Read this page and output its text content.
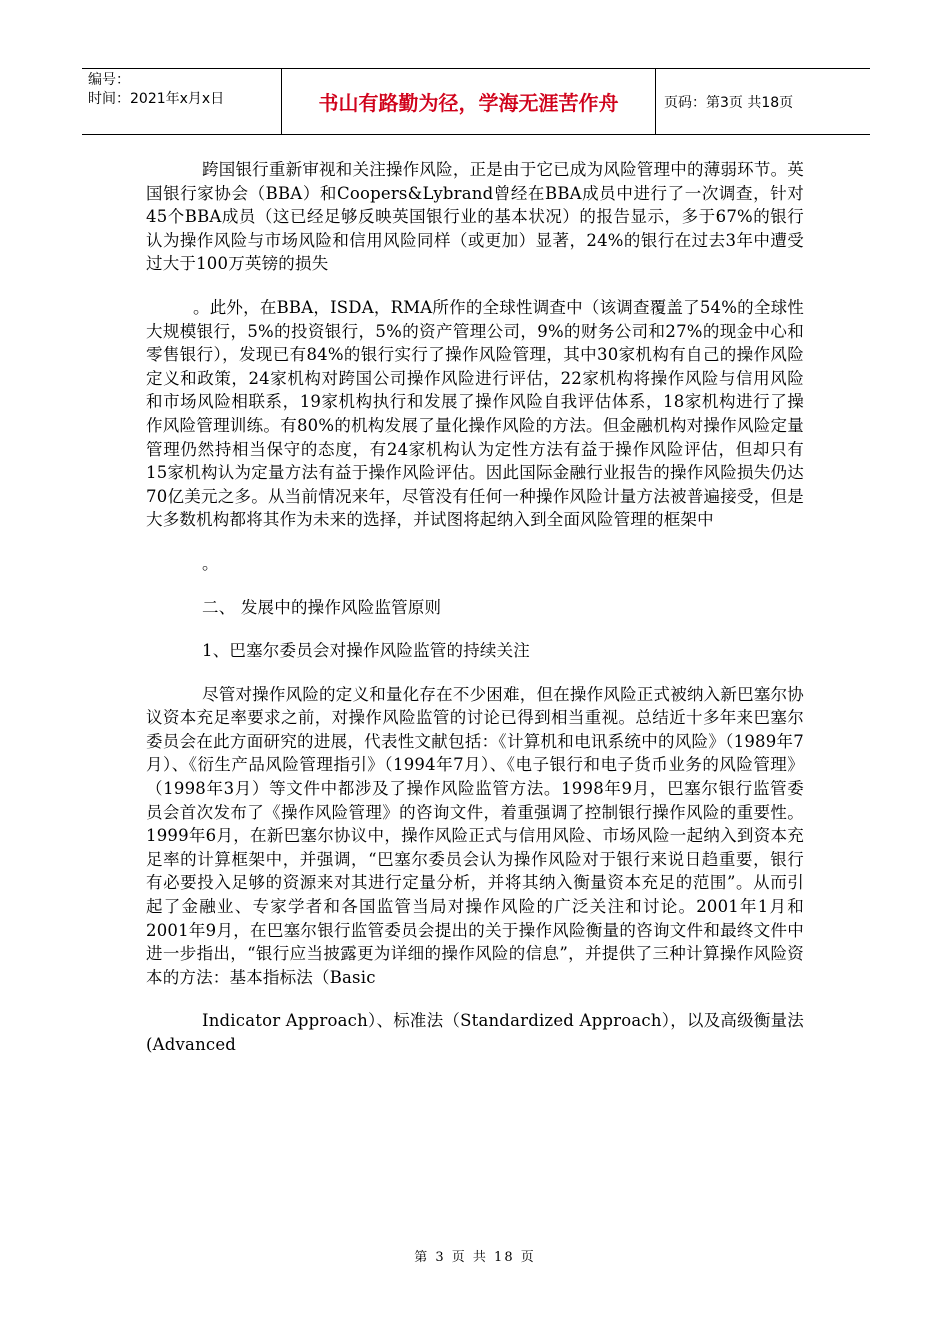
编号：
时间：2021年x月x日	书山有路勤为径，学海无涯苦作舟	页码：第3页 共18页

跨国银行重新审视和关注操作风险，正是由于它已成为风险管理中的薄弱环节。英国银行家协会（BBA）和Coopers&Lybrand曾经在BBA成员中进行了一次调查，针对45个BBA成员（这已经足够反映英国银行业的基本状况）的报告显示，多于67%的银行认为操作风险与市场风险和信用风险同样（或更加）显著，24%的银行在过去3年中遭受过大于100万英镑的损失

。此外，在BBA，ISDA，RMA所作的全球性调查中（该调查覆盖了54%的全球性大规模银行，5%的投资银行，5%的资产管理公司，9%的财务公司和27%的现金中心和零售银行），发现已有84%的银行实行了操作风险管理，其中30家机构有自己的操作风险定义和政策，24家机构对跨国公司操作风险进行评估，22家机构将操作风险与信用风险和市场风险相联系，19家机构执行和发展了操作风险自我评估体系，18家机构进行了操作风险管理训练。有80%的机构发展了量化操作风险的方法。但金融机构对操作风险定量管理仍然持相当保守的态度，有24家机构认为定性方法有益于操作风险评估，但却只有15家机构认为定量方法有益于操作风险评估。因此国际金融行业报告的操作风险损失仍达70亿美元之多。从当前情况来年，尽管没有任何一种操作风险计量方法被普遍接受，但是大多数机构都将其作为未来的选择，并试图将起纳入到全面风险管理的框架中

。

二、 发展中的操作风险监管原则

1、巴塞尔委员会对操作风险监管的持续关注

尽管对操作风险的定义和量化存在不少困难，但在操作风险正式被纳入新巴塞尔协议资本充足率要求之前，对操作风险监管的讨论已得到相当重视。总结近十多年来巴塞尔委员会在此方面研究的进展，代表性文献包括：《计算机和电讯系统中的风险》（1989年7月）、《衍生产品风险管理指引》（1994年7月）、《电子银行和电子货币业务的风险管理》（1998年3月）等文件中都涉及了操作风险监管方法。1998年9月，巴塞尔银行监管委员会首次发布了《操作风险管理》的咨询文件，着重强调了控制银行操作风险的重要性。1999年6月，在新巴塞尔协议中，操作风险正式与信用风险、市场风险一起纳入到资本充足率的计算框架中，并强调，“巴塞尔委员会认为操作风险对于银行来说日趋重要，银行有必要投入足够的资源来对其进行定量分析，并将其纳入衡量资本充足的范围”。从而引起了金融业、专家学者和各国监管当局对操作风险的广泛关注和讨论。2001年1月和2001年9月，在巴塞尔银行监管委员会提出的关于操作风险衡量的咨询文件和最终文件中进一步指出，“银行应当披露更为详细的操作风险的信息”，并提供了三种计算操作风险资本的方法：基本指标法（Basic

Indicator Approach）、标准法（Standardized Approach），以及高级衡量法(Advanced

第 3 页 共 18 页
